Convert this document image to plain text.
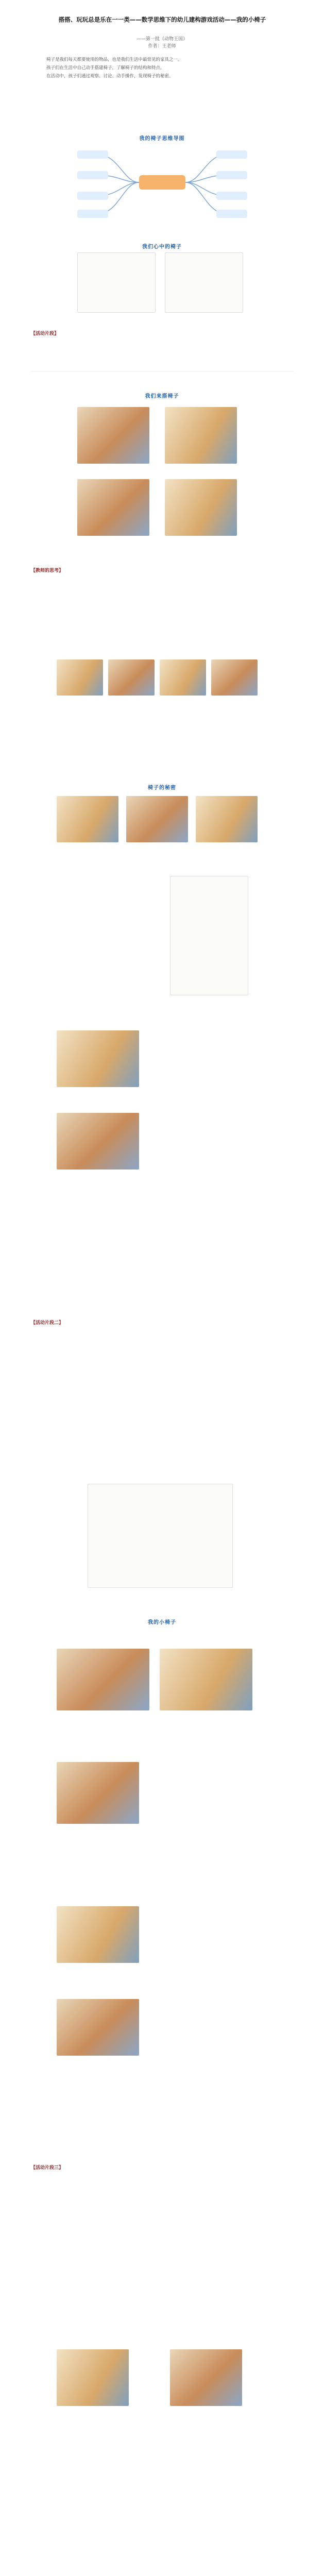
搭搭、玩玩总是乐在一一类——数学思维下的幼儿建构游戏活动——我的小椅子
——第一批（动物王国）
作者：王老师
椅子是我们每天都要使用的物品，也是我们生活中最常见的家具之一。
孩子们在生活中自己动手搭建椅子，了解椅子的结构和特点。
在活动中，孩子们通过观察、讨论、动手操作，发现椅子的秘密。
我的椅子思维导图
我们心中的椅子
【活动片段】
我们来搭椅子
【教师的思考】
椅子的秘密
【活动片段二】
我的小椅子
【活动片段三】
